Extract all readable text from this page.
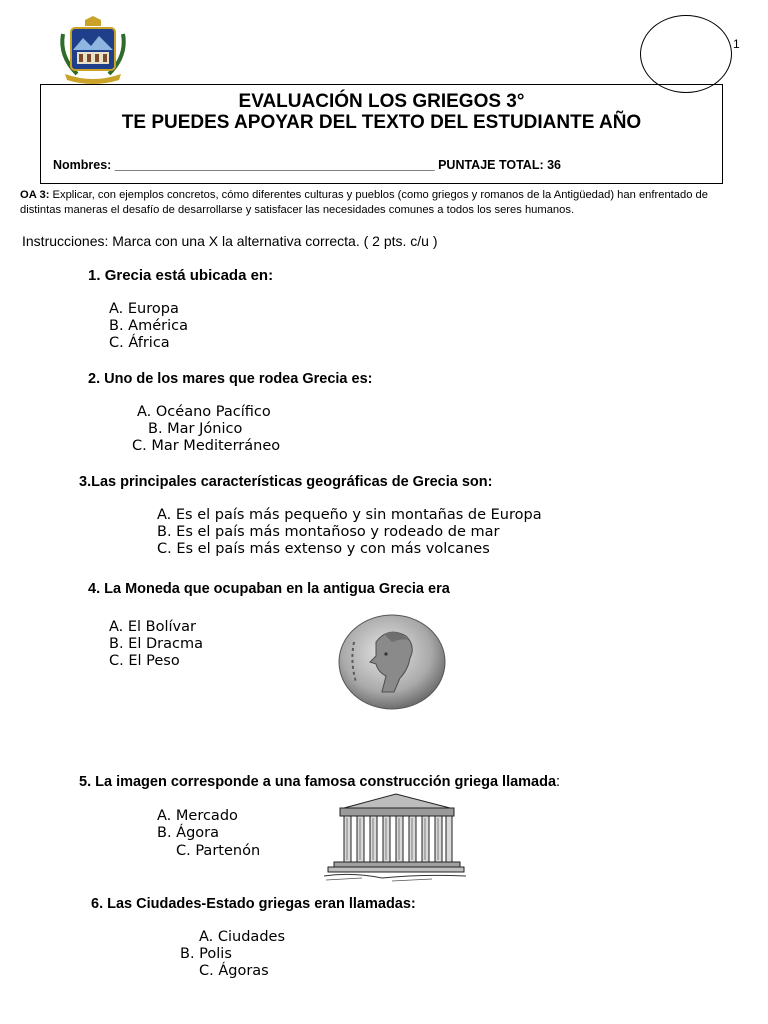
1
EVALUACIÓN LOS GRIEGOS 3°
TE PUEDES APOYAR DEL TEXTO DEL ESTUDIANTE AÑO
Nombres: ______________________________________________ PUNTAJE TOTAL: 36
OA 3: Explicar, con ejemplos concretos, cómo diferentes culturas y pueblos (como griegos y romanos de la Antigüedad) han enfrentado de distintas maneras el desafío de desarrollarse y satisfacer las necesidades comunes a todos los seres humanos.
Instrucciones: Marca con una X la alternativa correcta. ( 2 pts. c/u )
1. Grecia está ubicada en:
A. Europa
B. América
C. África
2. Uno de los mares que rodea Grecia es:
A. Océano Pacífico
B. Mar Jónico
C. Mar Mediterráneo
3.Las principales características geográficas de Grecia son:
A. Es el país más pequeño y sin montañas de Europa
B. Es el país más montañoso y rodeado de mar
C. Es el país más extenso y con más volcanes
4. La Moneda que ocupaban en la antigua Grecia era
A. El Bolívar
B. El Dracma
C. El Peso
5. La imagen corresponde a una famosa construcción griega llamada:
A. Mercado
B. Ágora
C. Partenón
6. Las Ciudades-Estado griegas eran llamadas:
A. Ciudades
B. Polis
C. Ágoras
